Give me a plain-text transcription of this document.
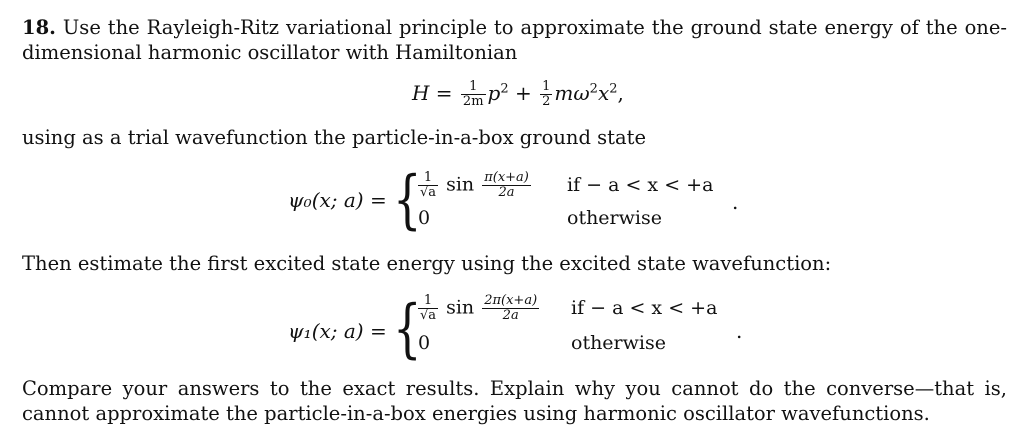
18. Use the Rayleigh-Ritz variational principle to approximate the ground state energy of the one-dimensional harmonic oscillator with Hamiltonian
$H = \frac{1}{2m} p^2 + \frac{1}{2} m\omega^2x^2$,
using as a trial wavefunction the particle-in-a-box ground state
ψ₀(x; a) = {
$\frac{1}{√a}$ $\sin \frac{\pi(x+a)}{2a}$
0
if − a < x < +a
otherwise
.
Then estimate the first excited state energy using the excited state wavefunction:
ψ₁(x; a) = {
$\frac{1}{√a}$ $\sin \frac{2\pi(x+a)}{2a}$
0
if − a < x < +a
otherwise	.
Compare your answers to the exact results. Explain why you cannot do the converse—that is, cannot approximate the particle-in-a-box energies using harmonic oscillator wavefunctions.
